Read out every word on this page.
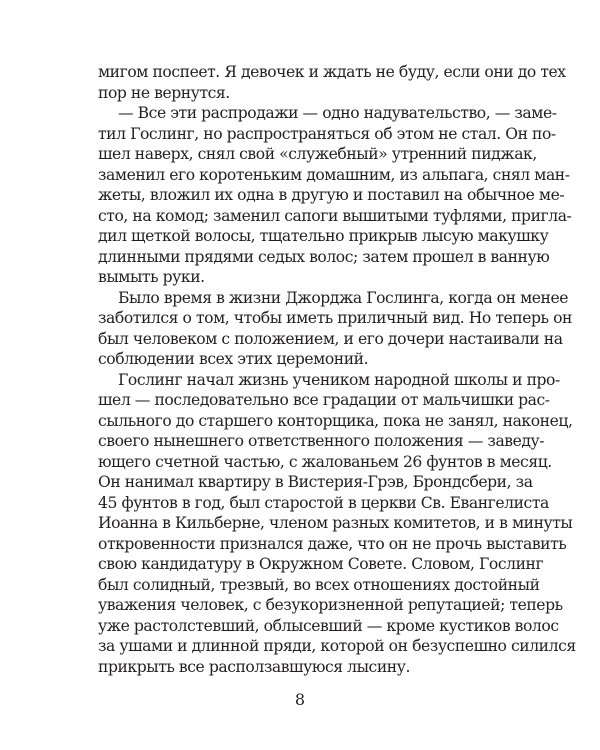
мигом поспеет. Я девочек и ждать не буду, если они до тех
пор не вернутся.
— Все эти распродажи — одно надувательство, — заме-
тил Гослинг, но распространяться об этом не стал. Он по-
шел наверх, снял свой «служебный» утренний пиджак,
заменил его коротеньким домашним, из альпага, снял ман-
жеты, вложил их одна в другую и поставил на обычное ме-
сто, на комод; заменил сапоги вышитыми туфлями, пригла-
дил щеткой волосы, тщательно прикрыв лысую макушку
длинными прядями седых волос; затем прошел в ванную
вымыть руки.
Было время в жизни Джорджа Гослинга, когда он менее
заботился о том, чтобы иметь приличный вид. Но теперь он
был человеком с положением, и его дочери настаивали на
соблюдении всех этих церемоний.
Гослинг начал жизнь учеником народной школы и про-
шел — последовательно все градации от мальчишки рас-
сыльного до старшего конторщика, пока не занял, наконец,
своего нынешнего ответственного положения — заведу-
ющего счетной частью, с жалованьем 26 фунтов в месяц.
Он нанимал квартиру в Вистерия-Грэв, Брондсбери, за
45 фунтов в год, был старостой в церкви Св. Евангелиста
Иоанна в Кильберне, членом разных комитетов, и в минуты
откровенности признался даже, что он не прочь выставить
свою кандидатуру в Окружном Совете. Словом, Гослинг
был солидный, трезвый, во всех отношениях достойный
уважения человек, с безукоризненной репутацией; теперь
уже растолстевший, облысевший — кроме кустиков волос
за ушами и длинной пряди, которой он безуспешно силился
прикрыть все расползавшуюся лысину.
8
